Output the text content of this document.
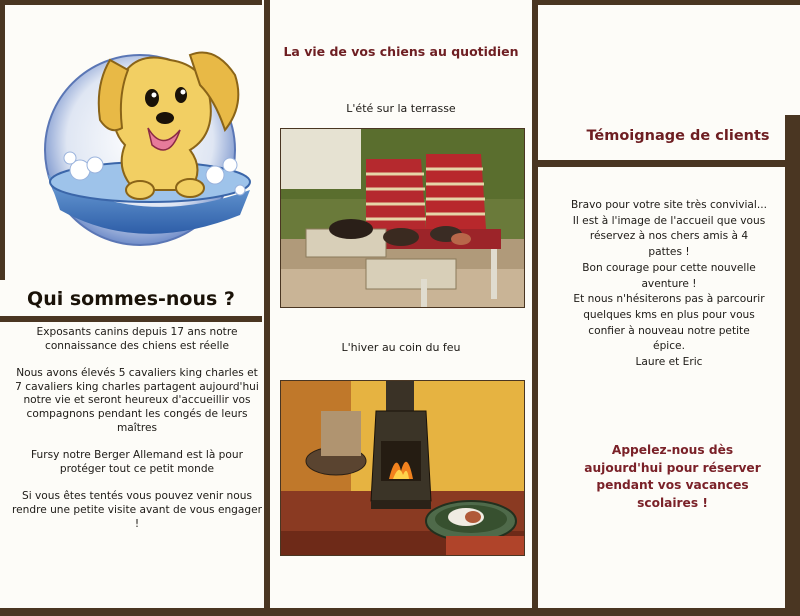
Qui sommes-nous ?

Exposants canins depuis 17 ans notre connaissance des chiens est réelle

Nous avons élevés 5 cavaliers king charles et 7 cavaliers king charles partagent aujourd'hui notre vie et seront heureux d'accueillir vos compagnons pendant les congés de leurs maîtres

Fursy notre Berger Allemand est là pour protéger tout ce petit monde

Si vous êtes tentés vous pouvez venir nous rendre une petite visite avant de vous engager !

La vie de vos chiens au quotidien
L'été sur la terrasse
L'hiver au coin du feu
Témoignage de clients
Bravo pour votre site très convivial...
Il est à l'image de l'accueil que vous
réservez à nos chers amis à 4
pattes !
Bon courage pour cette nouvelle
aventure !
Et nous n'hésiterons pas à parcourir
quelques kms en plus pour vous
confier à nouveau notre petite
épice.
Laure et Eric
Appelez-nous dès
aujourd'hui pour réserver
pendant vos vacances
scolaires !
